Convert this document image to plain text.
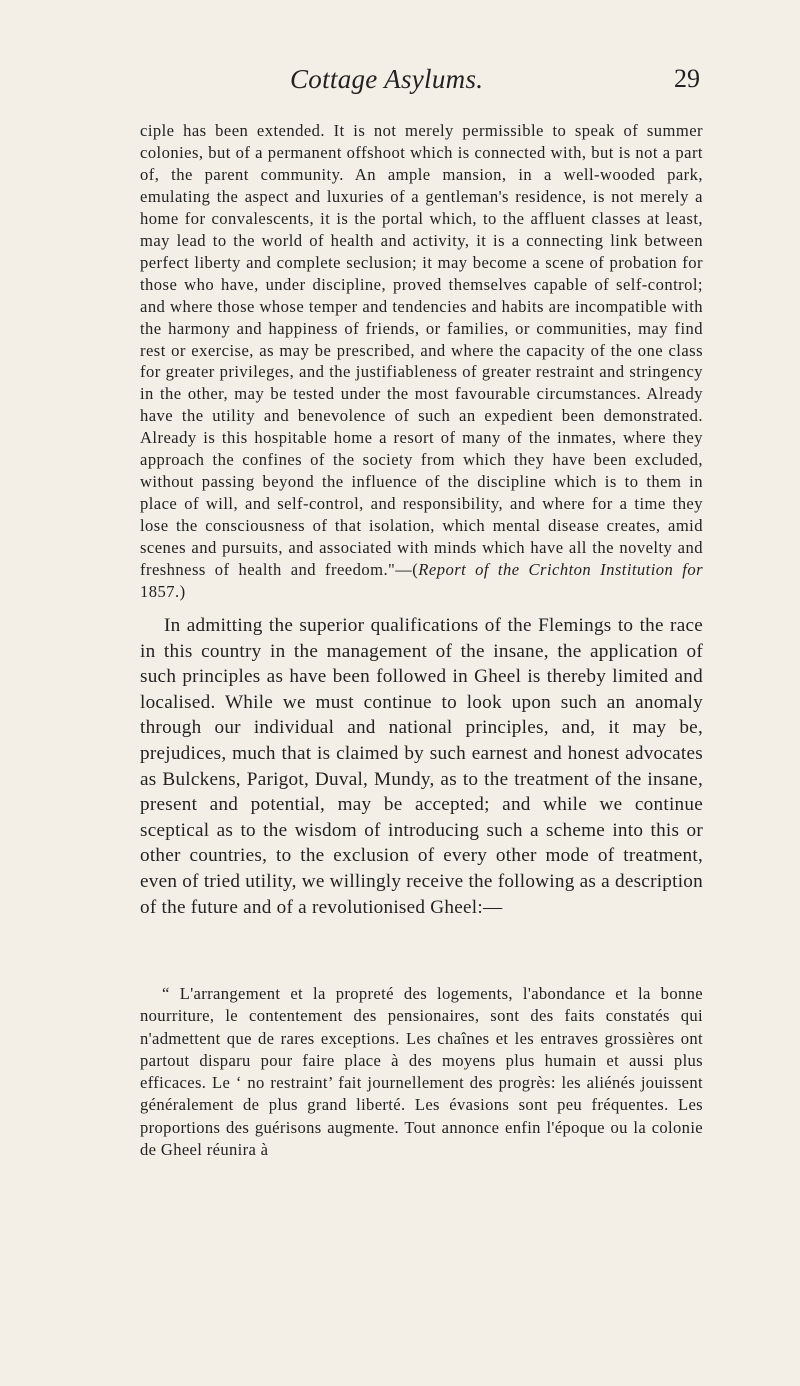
Cottage Asylums.	29

ciple has been extended. It is not merely permissible to speak of summer colonies, but of a permanent offshoot which is connected with, but is not a part of, the parent community. An ample mansion, in a well-wooded park, emulating the aspect and luxuries of a gentleman's residence, is not merely a home for convalescents, it is the portal which, to the affluent classes at least, may lead to the world of health and activity, it is a connecting link between perfect liberty and complete seclusion; it may become a scene of probation for those who have, under discipline, proved themselves capable of self-control; and where those whose temper and tendencies and habits are incompatible with the harmony and happiness of friends, or families, or communities, may find rest or exercise, as may be prescribed, and where the capacity of the one class for greater privileges, and the justifiableness of greater restraint and stringency in the other, may be tested under the most favourable circumstances. Already have the utility and benevolence of such an expedient been demonstrated. Already is this hospitable home a resort of many of the inmates, where they approach the confines of the society from which they have been excluded, without passing beyond the influence of the discipline which is to them in place of will, and self-control, and responsibility, and where for a time they lose the consciousness of that isolation, which mental disease creates, amid scenes and pursuits, and associated with minds which have all the novelty and freshness of health and freedom."—(Report of the Crichton Institution for 1857.)

In admitting the superior qualifications of the Flemings to the race in this country in the management of the insane, the application of such principles as have been followed in Gheel is thereby limited and localised. While we must continue to look upon such an anomaly through our individual and national principles, and, it may be, prejudices, much that is claimed by such earnest and honest advocates as Bulckens, Parigot, Duval, Mundy, as to the treatment of the insane, present and potential, may be accepted; and while we continue sceptical as to the wisdom of introducing such a scheme into this or other countries, to the exclusion of every other mode of treatment, even of tried utility, we willingly receive the following as a description of the future and of a revolutionised Gheel:—

“ L'arrangement et la propreté des logements, l'abondance et la bonne nourriture, le contentement des pensionaires, sont des faits constatés qui n'admettent que de rares exceptions. Les chaînes et les entraves grossières ont partout disparu pour faire place à des moyens plus humain et aussi plus efficaces. Le ‘ no restraint’ fait journellement des progrès: les aliénés jouissent généralement de plus grand liberté. Les évasions sont peu fréquentes. Les proportions des guérisons augmente. Tout annonce enfin l'époque ou la colonie de Gheel réunira à
